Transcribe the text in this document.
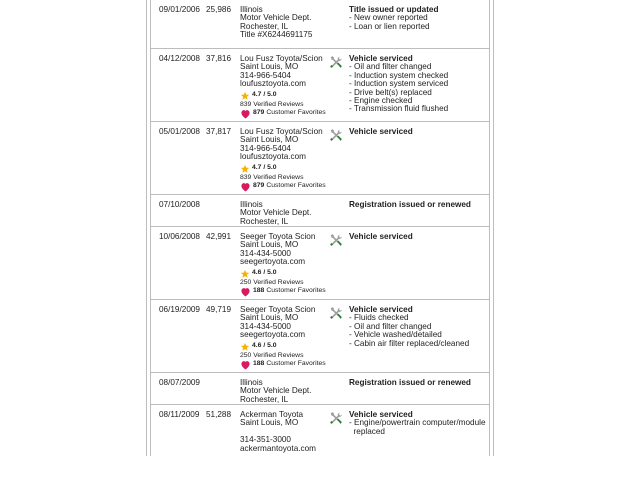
09/01/2006 25,986 Illinois
Motor Vehicle Dept.
Rochester, IL
Title #X6244691175
Title issued or updated
- New owner reported
- Loan or lien reported
04/12/2008 37,816 Lou Fusz Toyota/Scion
Saint Louis, MO
314-966-5404
loufusztoyota.com
4.7 / 5.0
839 Verified Reviews
879 Customer Favorites
Vehicle serviced
- Oil and filter changed
- Induction system checked
- Induction system serviced
- Drive belt(s) replaced
- Engine checked
- Transmission fluid flushed
05/01/2008 37,817 Lou Fusz Toyota/Scion
Saint Louis, MO
314-966-5404
loufusztoyota.com
4.7 / 5.0
839 Verified Reviews
879 Customer Favorites
Vehicle serviced
07/10/2008	Illinois
Motor Vehicle Dept.
Rochester, IL
Registration issued or renewed
10/06/2008 42,991 Seeger Toyota Scion
Saint Louis, MO
314-434-5000
seegertoyota.com
4.6 / 5.0
250 Verified Reviews
188 Customer Favorites
Vehicle serviced
06/19/2009 49,719 Seeger Toyota Scion
Saint Louis, MO
314-434-5000
seegertoyota.com
4.6 / 5.0
250 Verified Reviews
188 Customer Favorites
Vehicle serviced
- Fluids checked
- Oil and filter changed
- Vehicle washed/detailed
- Cabin air filter replaced/cleaned
08/07/2009	Illinois
Motor Vehicle Dept.
Rochester, IL
Registration issued or renewed
08/11/2009 51,288 Ackerman Toyota
Saint Louis, MO
314-351-3000
ackermantoyota.com
Vehicle serviced
- Engine/powertrain computer/module
replaced
